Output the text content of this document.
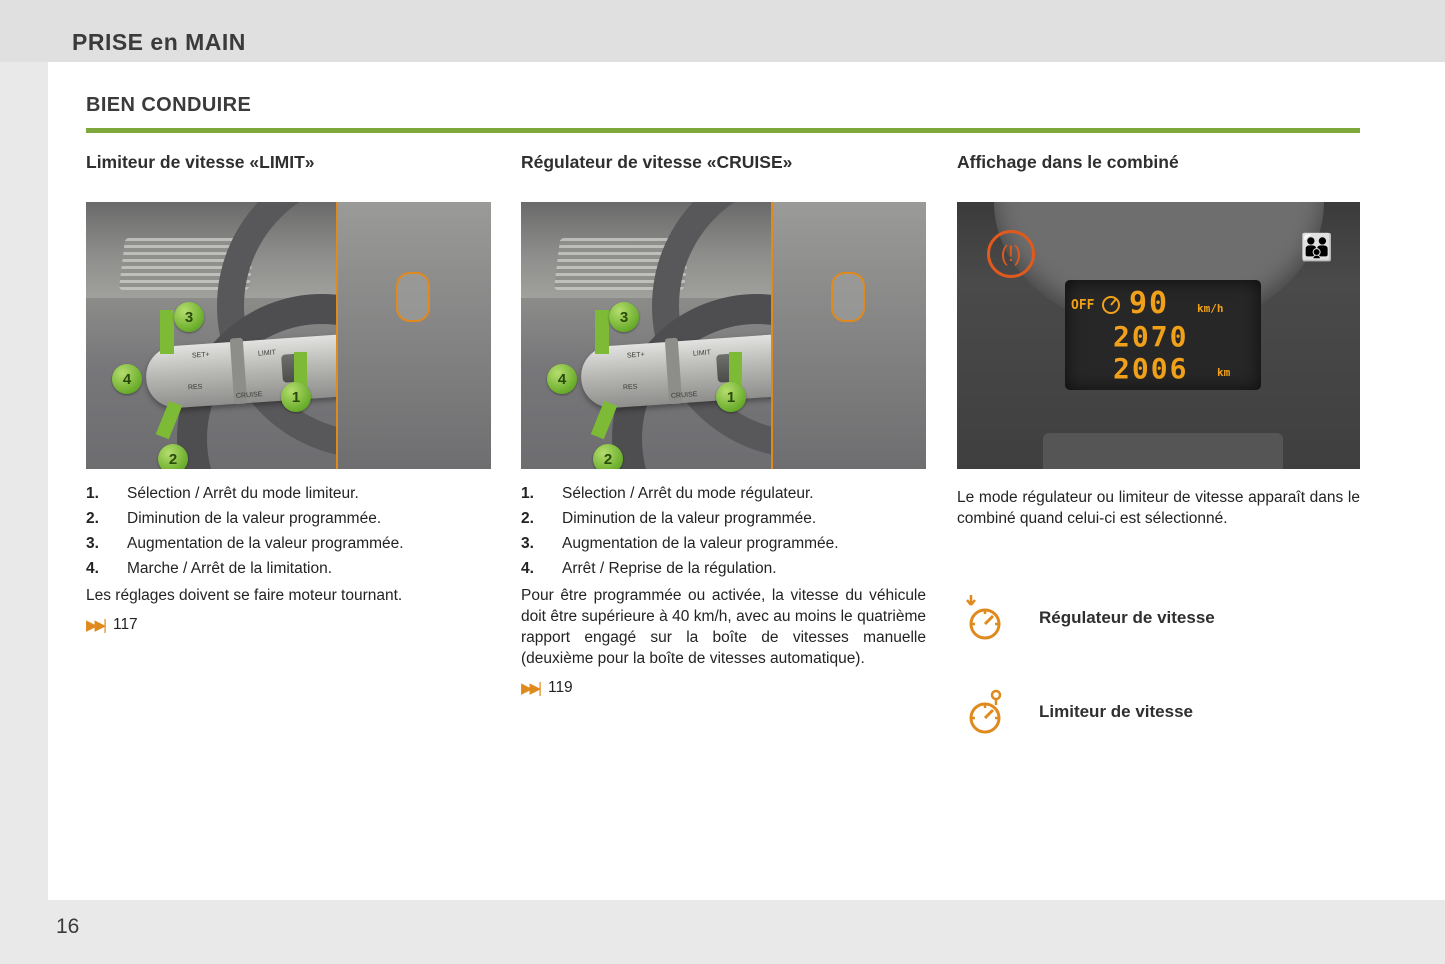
PRISE en MAIN
BIEN CONDUIRE
Limiteur de vitesse «LIMIT»
SET+
RES
LIMIT
CRUISE
3
4
1
2
1. Sélection / Arrêt du mode limiteur.
2. Diminution de la valeur programmée.
3. Augmentation de la valeur programmée.
4. Marche / Arrêt de la limitation.
Les réglages doivent se faire moteur tournant.
▶▶| 117
Régulateur de vitesse «CRUISE»
SET+
RES
LIMIT
CRUISE
3
4
1
2
1. Sélection / Arrêt du mode régulateur.
2. Diminution de la valeur programmée.
3. Augmentation de la valeur programmée.
4. Arrêt / Reprise de la régulation.
Pour être programmée ou activée, la vitesse du véhicule doit être supérieure à 40 km/h, avec au moins le quatrième rapport engagé sur la boîte de vitesses manuelle (deuxième pour la boîte de vitesses automatique).
▶▶| 119
Affichage dans le combiné
(!)	👪
OFF 90	km/h
2070
2006	km
Le mode régulateur ou limiteur de vitesse apparaît dans le combiné quand celui-ci est sélectionné.
Régulateur de vitesse
Limiteur de vitesse
16
